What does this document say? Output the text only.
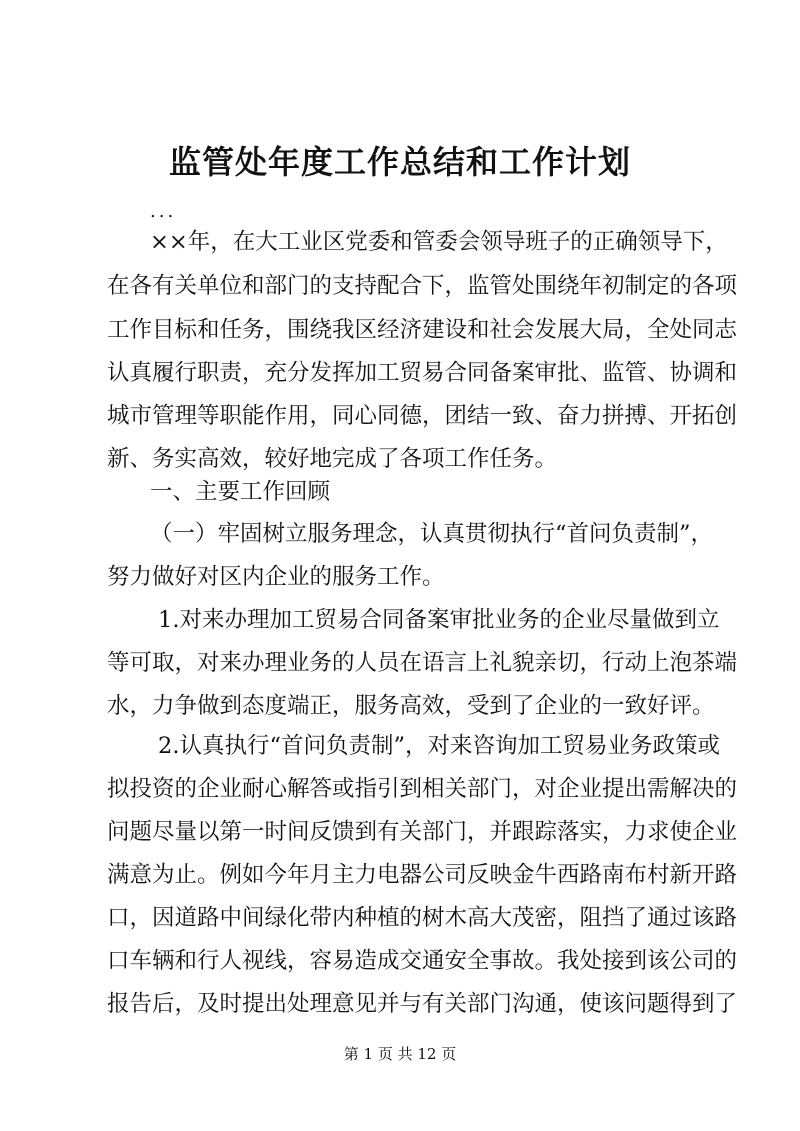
监管处年度工作总结和工作计划
...
××年，在大工业区党委和管委会领导班子的正确领导下，
在各有关单位和部门的支持配合下，监管处围绕年初制定的各项
工作目标和任务，围绕我区经济建设和社会发展大局，全处同志
认真履行职责，充分发挥加工贸易合同备案审批、监管、协调和
城市管理等职能作用，同心同德，团结一致、奋力拼搏、开拓创
新、务实高效，较好地完成了各项工作任务。
一、主要工作回顾
（一）牢固树立服务理念，认真贯彻执行“首问负责制”，
努力做好对区内企业的服务工作。
1.对来办理加工贸易合同备案审批业务的企业尽量做到立
等可取，对来办理业务的人员在语言上礼貌亲切，行动上泡茶端
水，力争做到态度端正，服务高效，受到了企业的一致好评。
2.认真执行“首问负责制”，对来咨询加工贸易业务政策或
拟投资的企业耐心解答或指引到相关部门，对企业提出需解决的
问题尽量以第一时间反馈到有关部门，并跟踪落实，力求使企业
满意为止。例如今年月主力电器公司反映金牛西路南布村新开路
口，因道路中间绿化带内种植的树木高大茂密，阻挡了通过该路
口车辆和行人视线，容易造成交通安全事故。我处接到该公司的
报告后，及时提出处理意见并与有关部门沟通，使该问题得到了
第 1 页 共 12 页
